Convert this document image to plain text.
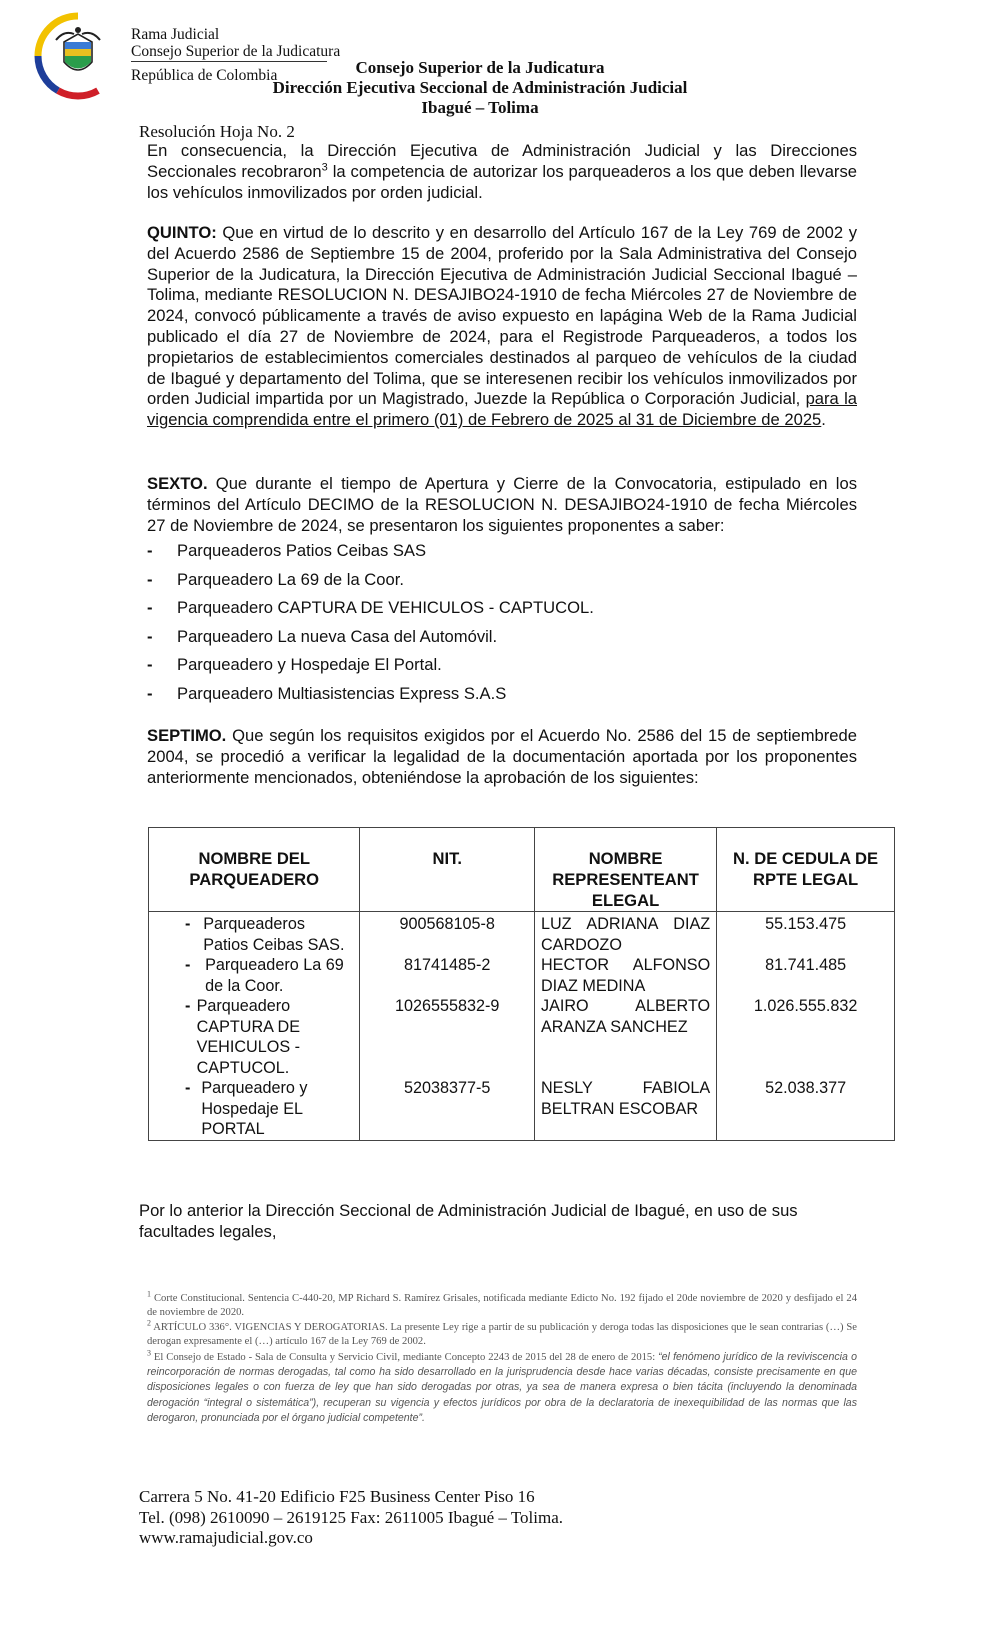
Rama Judicial
Consejo Superior de la Judicatura
República de Colombia	Consejo Superior de la Judicatura
Dirección Ejecutiva Seccional de Administración Judicial
Ibagué – Tolima
Resolución Hoja No. 2
En consecuencia, la Dirección Ejecutiva de Administración Judicial y las Direcciones Seccionales recobraron$^3$ la competencia de autorizar los parqueaderos a los que deben llevarse los vehículos inmovilizados por orden judicial.
QUINTO: Que en virtud de lo descrito y en desarrollo del Artículo 167 de la Ley 769 de 2002 y del Acuerdo 2586 de Septiembre 15 de 2004, proferido por la Sala Administrativa del Consejo Superior de la Judicatura, la Dirección Ejecutiva de Administración Judicial Seccional Ibagué – Tolima, mediante RESOLUCION N. DESAJIBO24-1910 de fecha Miércoles 27 de Noviembre de 2024, convocó públicamente a través de aviso expuesto en lapágina Web de la Rama Judicial publicado el día 27 de Noviembre de 2024, para el Registrode Parqueaderos, a todos los propietarios de establecimientos comerciales destinados al parqueo de vehículos de la ciudad de Ibagué y departamento del Tolima, que se interesenen recibir los vehículos inmovilizados por orden Judicial impartida por un Magistrado, Juezde la República o Corporación Judicial, para la vigencia comprendida entre el primero (01) de Febrero de 2025 al 31 de Diciembre de 2025.
SEXTO. Que durante el tiempo de Apertura y Cierre de la Convocatoria, estipulado en los términos del Artículo DECIMO de la RESOLUCION N. DESAJIBO24-1910 de fecha Miércoles 27 de Noviembre de 2024, se presentaron los siguientes proponentes a saber:
-	Parqueaderos Patios Ceibas SAS
-	Parqueadero La 69 de la Coor.
-	Parqueadero CAPTURA DE VEHICULOS - CAPTUCOL.
-	Parqueadero La nueva Casa del Automóvil.
-	Parqueadero y Hospedaje El Portal.
-	Parqueadero Multiasistencias Express S.A.S
SEPTIMO. Que según los requisitos exigidos por el Acuerdo No. 2586 del 15 de septiembrede 2004, se procedió a verificar la legalidad de la documentación aportada por los proponentes anteriormente mencionados, obteniéndose la aprobación de los siguientes:
NOMBRE DEL PARQUEADERO	NIT.	NOMBRE REPRESENTEANT ELEGAL	N. DE CEDULA DE RPTE LEGAL

- Parqueaderos Patios Ceibas SAS.	900568105-8	LUZ ADRIANA DIAZ CARDOZO	55.153.475

- Parqueadero La 69 de la Coor.	81741485-2	HECTOR ALFONSO DIAZ MEDINA	81.741.485

- Parqueadero CAPTURA DE VEHICULOS - CAPTUCOL.	1026555832-9	JAIRO ALBERTO ARANZA SANCHEZ	1.026.555.832

- Parqueadero y Hospedaje EL PORTAL	52038377-5	NESLY FABIOLA BELTRAN ESCOBAR	52.038.377
Por lo anterior la Dirección Seccional de Administración Judicial de Ibagué, en uso de sus facultades legales,

$^1$ Corte Constitucional. Sentencia C-440-20, MP Richard S. Ramírez Grisales, notificada mediante Edicto No. 192 fijado el 20de noviembre de 2020 y desfijado el 24 de noviembre de 2020.

$^2$ ARTÍCULO 336°. VIGENCIAS Y DEROGATORIAS. La presente Ley rige a partir de su publicación y deroga todas las disposiciones que le sean contrarias (…) Se derogan expresamente el (…) artículo 167 de la Ley 769 de 2002.

$^3$ El Consejo de Estado - Sala de Consulta y Servicio Civil, mediante Concepto 2243 de 2015 del 28 de enero de 2015: “el fenómeno jurídico de la reviviscencia o reincorporación de normas derogadas, tal como ha sido desarrollado en la jurisprudencia desde hace varias décadas, consiste precisamente en que disposiciones legales o con fuerza de ley que han sido derogadas por otras, ya sea de manera expresa o bien tácita (incluyendo la denominada derogación “integral o sistemática”), recuperan su vigencia y efectos jurídicos por obra de la declaratoria de inexequibilidad de las normas que las derogaron, pronunciada por el órgano judicial competente”.

Carrera 5 No. 41-20 Edificio F25 Business Center Piso 16
Tel. (098) 2610090 – 2619125 Fax: 2611005 Ibagué – Tolima.
www.ramajudicial.gov.co
